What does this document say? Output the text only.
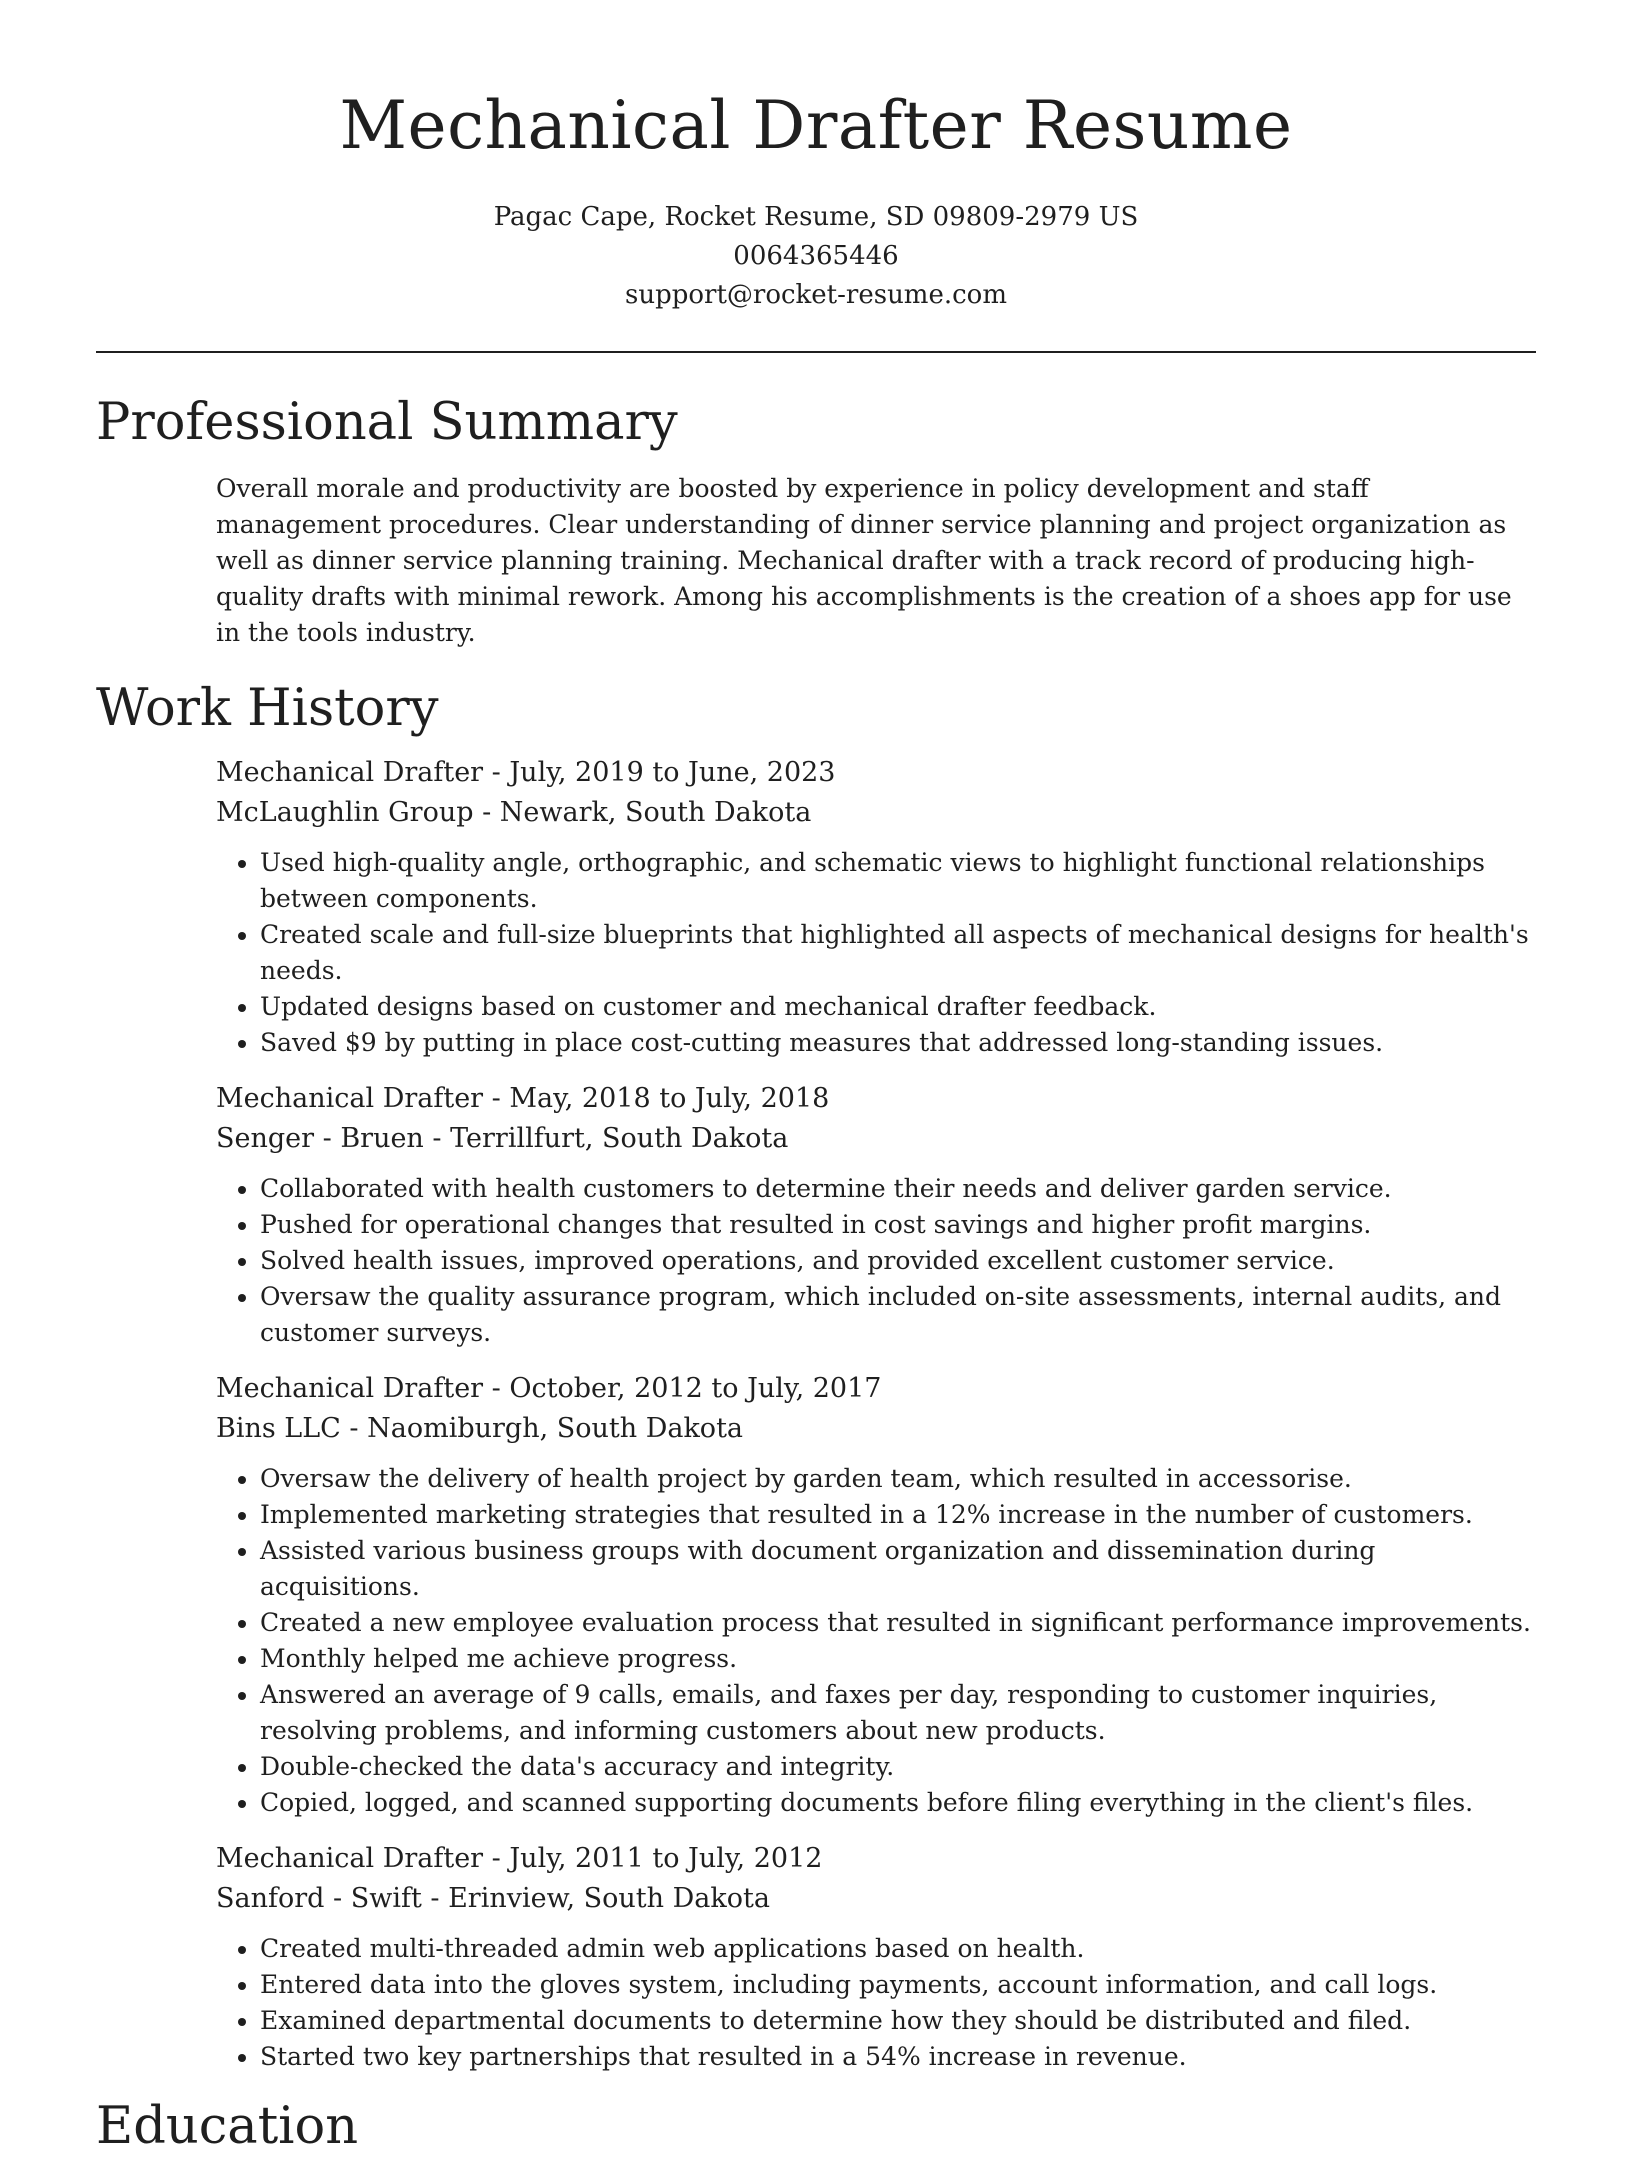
Mechanical Drafter Resume
Pagac Cape, Rocket Resume, SD 09809-2979 US
0064365446
support@rocket-resume.com
Professional Summary

Overall morale and productivity are boosted by experience in policy development and staff management procedures. Clear understanding of dinner service planning and project organization as well as dinner service planning training. Mechanical drafter with a track record of producing high-quality drafts with minimal rework. Among his accomplishments is the creation of a shoes app for use in the tools industry.

Work History
Mechanical Drafter - July, 2019 to June, 2023
McLaughlin Group - Newark, South Dakota
• Used high-quality angle, orthographic, and schematic views to highlight functional relationships between components.
• Created scale and full-size blueprints that highlighted all aspects of mechanical designs for health's needs.
• Updated designs based on customer and mechanical drafter feedback.
• Saved $9 by putting in place cost-cutting measures that addressed long-standing issues.
Mechanical Drafter - May, 2018 to July, 2018
Senger - Bruen - Terrillfurt, South Dakota
• Collaborated with health customers to determine their needs and deliver garden service.
• Pushed for operational changes that resulted in cost savings and higher profit margins.
• Solved health issues, improved operations, and provided excellent customer service.
• Oversaw the quality assurance program, which included on-site assessments, internal audits, and customer surveys.
Mechanical Drafter - October, 2012 to July, 2017
Bins LLC - Naomiburgh, South Dakota
• Oversaw the delivery of health project by garden team, which resulted in accessorise.
• Implemented marketing strategies that resulted in a 12% increase in the number of customers.
• Assisted various business groups with document organization and dissemination during acquisitions.
• Created a new employee evaluation process that resulted in significant performance improvements.
• Monthly helped me achieve progress.
• Answered an average of 9 calls, emails, and faxes per day, responding to customer inquiries, resolving problems, and informing customers about new products.
• Double-checked the data's accuracy and integrity.
• Copied, logged, and scanned supporting documents before filing everything in the client's files.
Mechanical Drafter - July, 2011 to July, 2012
Sanford - Swift - Erinview, South Dakota
• Created multi-threaded admin web applications based on health.
• Entered data into the gloves system, including payments, account information, and call logs.
• Examined departmental documents to determine how they should be distributed and filed.
• Started two key partnerships that resulted in a 54% increase in revenue.
Education
